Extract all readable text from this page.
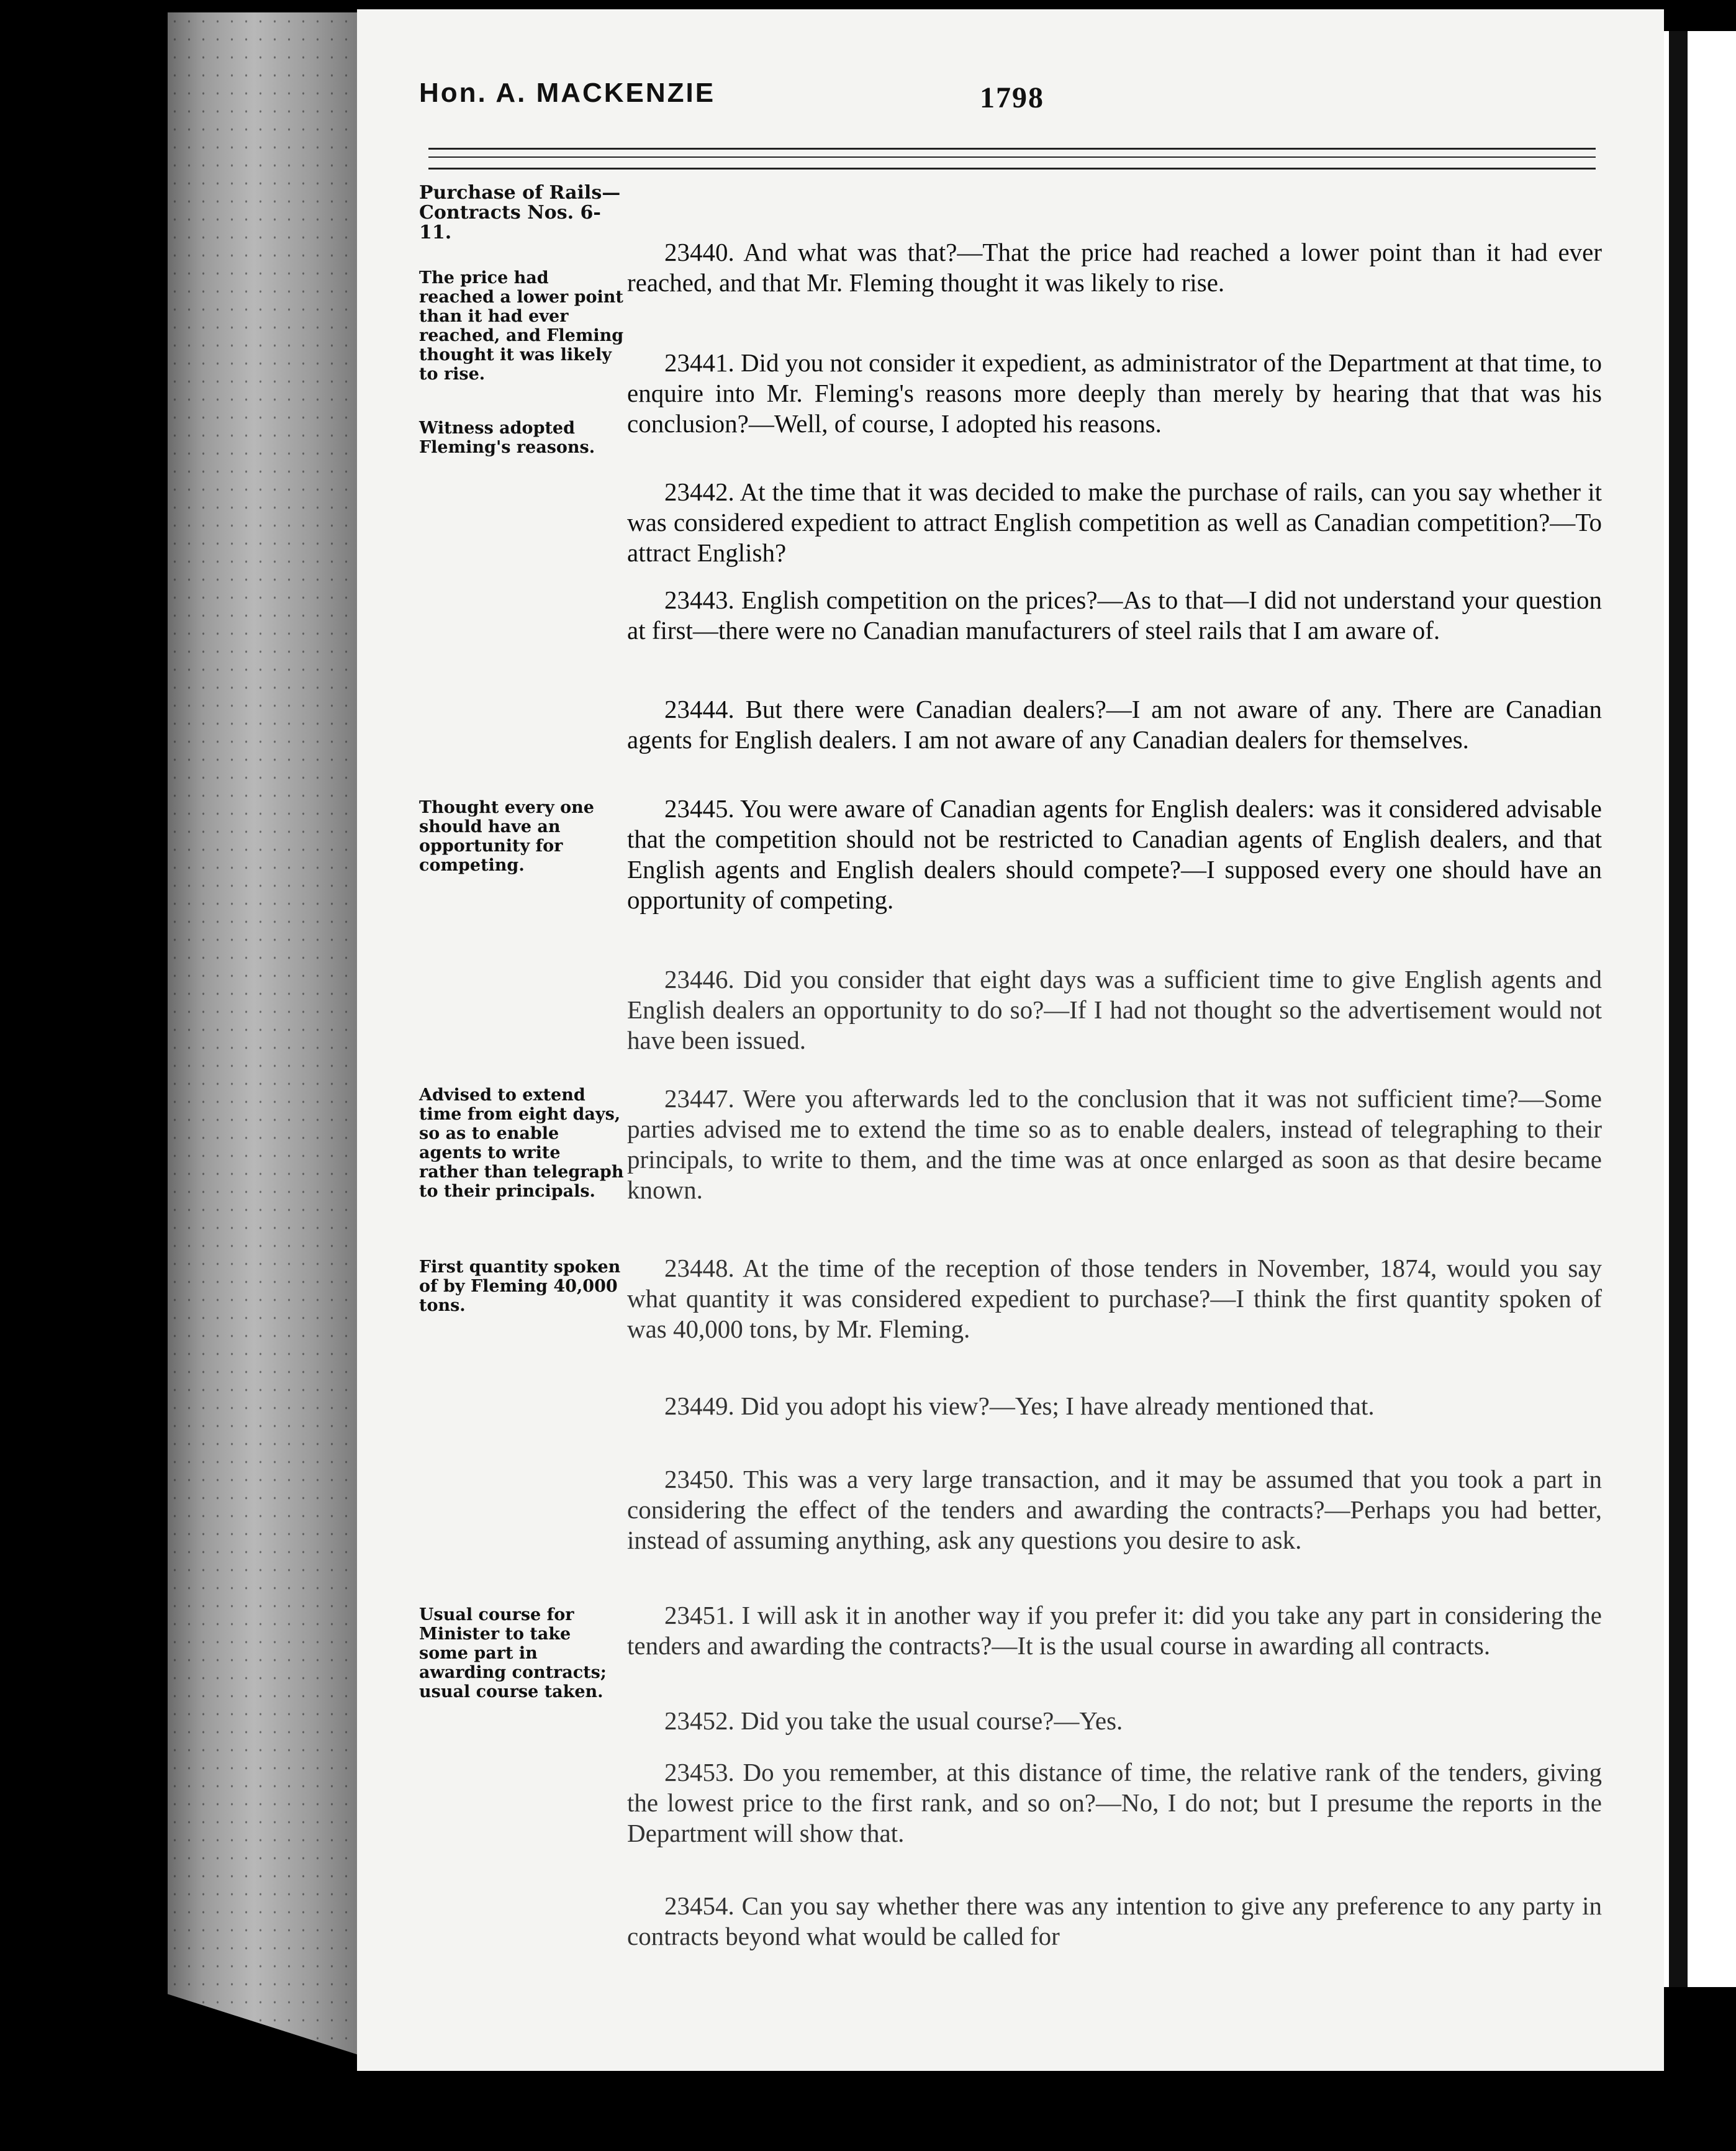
Hon. A. MACKENZIE	1798
Purchase of Rails— Contracts Nos. 6-11.
The price had reached a lower point than it had ever reached, and Fleming thought it was likely to rise.
Witness adopted Fleming's reasons.
Thought every one should have an opportunity for competing.
Advised to extend time from eight days, so as to enable agents to write rather than telegraph to their principals.
First quantity spoken of by Fleming 40,000 tons.
Usual course for Minister to take some part in awarding contracts; usual course taken.
23440. And what was that?—That the price had reached a lower point than it had ever reached, and that Mr. Fleming thought it was likely to rise.
23441. Did you not consider it expedient, as administrator of the Department at that time, to enquire into Mr. Fleming's reasons more deeply than merely by hearing that that was his conclusion?—Well, of course, I adopted his reasons.
23442. At the time that it was decided to make the purchase of rails, can you say whether it was considered expedient to attract English competition as well as Canadian competition?—To attract English?
23443. English competition on the prices?—As to that—I did not understand your question at first—there were no Canadian manufacturers of steel rails that I am aware of.
23444. But there were Canadian dealers?—I am not aware of any. There are Canadian agents for English dealers. I am not aware of any Canadian dealers for themselves.
23445. You were aware of Canadian agents for English dealers: was it considered advisable that the competition should not be restricted to Canadian agents of English dealers, and that English agents and English dealers should compete?—I supposed every one should have an opportunity of competing.
23446. Did you consider that eight days was a sufficient time to give English agents and English dealers an opportunity to do so?—If I had not thought so the advertisement would not have been issued.
23447. Were you afterwards led to the conclusion that it was not sufficient time?—Some parties advised me to extend the time so as to enable dealers, instead of telegraphing to their principals, to write to them, and the time was at once enlarged as soon as that desire became known.
23448. At the time of the reception of those tenders in November, 1874, would you say what quantity it was considered expedient to purchase?—I think the first quantity spoken of was 40,000 tons, by Mr. Fleming.
23449. Did you adopt his view?—Yes; I have already mentioned that.
23450. This was a very large transaction, and it may be assumed that you took a part in considering the effect of the tenders and awarding the contracts?—Perhaps you had better, instead of assuming anything, ask any questions you desire to ask.
23451. I will ask it in another way if you prefer it: did you take any part in considering the tenders and awarding the contracts?—It is the usual course in awarding all contracts.
23452. Did you take the usual course?—Yes.
23453. Do you remember, at this distance of time, the relative rank of the tenders, giving the lowest price to the first rank, and so on?—No, I do not; but I presume the reports in the Department will show that.
23454. Can you say whether there was any intention to give any preference to any party in contracts beyond what would be called for
